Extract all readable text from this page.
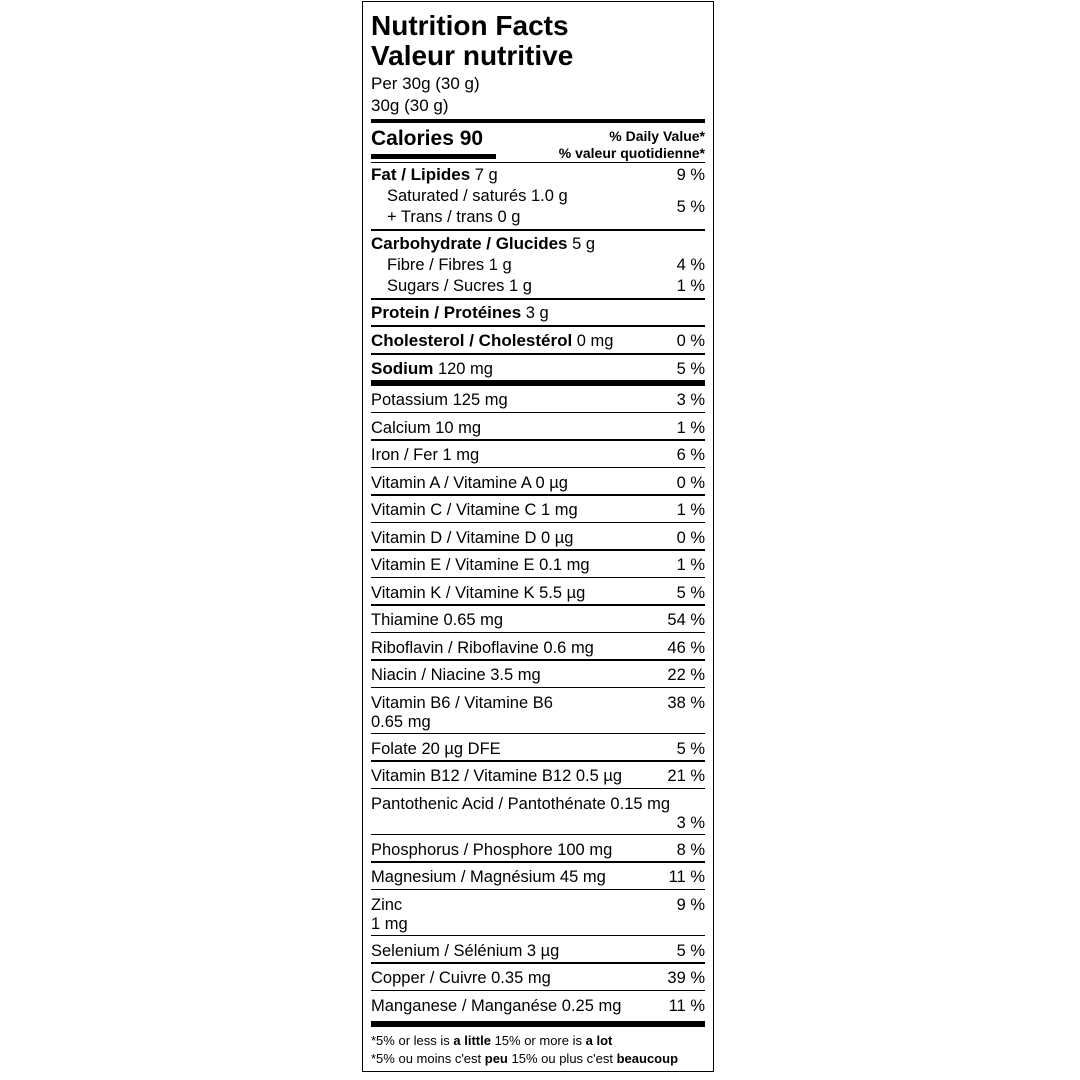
Nutrition Facts
Valeur nutritive
Per 30g (30 g)
30g (30 g)
Calories 90	% Daily Value*
% valeur quotidienne*
Fat / Lipides 7 g	9 %
Saturated / saturés 1.0 g
+ Trans / trans 0 g
5 %
Carbohydrate / Glucides 5 g
Fibre / Fibres 1 g	4 %
Sugars / Sucres 1 g	1 %
Protein / Protéines 3 g
Cholesterol / Cholestérol 0 mg	0 %
Sodium 120 mg	5 %
Potassium 125 mg	3 %
Calcium 10 mg	1 %
Iron / Fer 1 mg	6 %
Vitamin A / Vitamine A 0 µg	0 %
Vitamin C / Vitamine C 1 mg	1 %
Vitamin D / Vitamine D 0 µg	0 %
Vitamin E / Vitamine E 0.1 mg	1 %
Vitamin K / Vitamine K 5.5 µg	5 %
Thiamine 0.65 mg	54 %
Riboflavin / Riboflavine 0.6 mg	46 %
Niacin / Niacine 3.5 mg	22 %
Vitamin B6 / Vitamine B6
0.65 mg
38 %
Folate 20 µg DFE	5 %
Vitamin B12 / Vitamine B12 0.5 µg	21 %
Pantothenic Acid / Pantothénate 0.15 mg
3 %
Phosphorus / Phosphore 100 mg	8 %
Magnesium / Magnésium 45 mg	11 %
Zinc
1 mg
9 %
Selenium / Sélénium 3 µg	5 %
Copper / Cuivre 0.35 mg	39 %
Manganese / Manganése 0.25 mg	11 %
*5% or less is a little 15% or more is a lot
*5% ou moins c'est peu 15% ou plus c'est beaucoup
